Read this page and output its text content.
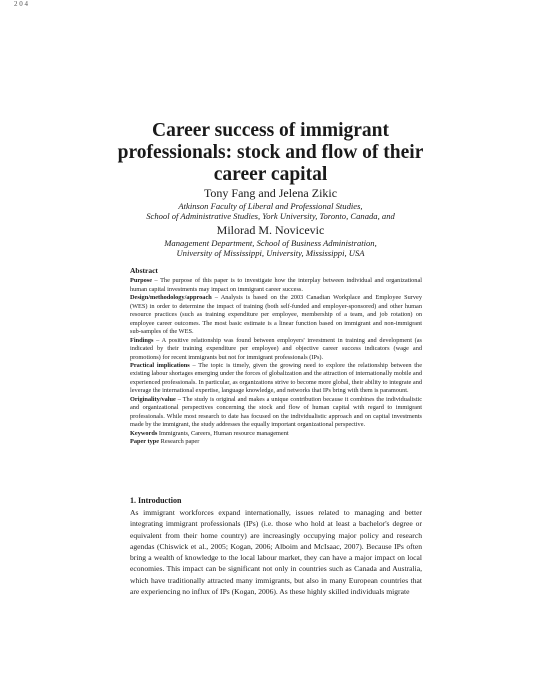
2 0 4
Career success of immigrant professionals: stock and flow of their career capital
Tony Fang and Jelena Zikic
Atkinson Faculty of Liberal and Professional Studies,
School of Administrative Studies, York University, Toronto, Canada, and
Milorad M. Novicevic
Management Department, School of Business Administration,
University of Mississippi, University, Mississippi, USA
Abstract

Purpose – The purpose of this paper is to investigate how the interplay between individual and organizational human capital investments may impact on immigrant career success.

Design/methodology/approach – Analysis is based on the 2003 Canadian Workplace and Employee Survey (WES) in order to determine the impact of training (both self-funded and employer-sponsored) and other human resource practices (such as training expenditure per employee, membership of a team, and job rotation) on employee career outcomes. The most basic estimate is a linear function based on immigrant and non-immigrant sub-samples of the WES.

Findings – A positive relationship was found between employers' investment in training and development (as indicated by their training expenditure per employee) and objective career success indicators (wage and promotions) for recent immigrants but not for immigrant professionals (IPs).

Practical implications – The topic is timely, given the growing need to explore the relationship between the existing labour shortages emerging under the forces of globalization and the attraction of internationally mobile and experienced professionals. In particular, as organizations strive to become more global, their ability to integrate and leverage the international expertise, language knowledge, and networks that IPs bring with them is paramount.

Originality/value – The study is original and makes a unique contribution because it combines the individualistic and organizational perspectives concerning the stock and flow of human capital with regard to immigrant professionals. While most research to date has focused on the individualistic approach and on capital investments made by the immigrant, the study addresses the equally important organizational perspective.

Keywords Immigrants, Careers, Human resource management

Paper type Research paper

1. Introduction

As immigrant workforces expand internationally, issues related to managing and better integrating immigrant professionals (IPs) (i.e. those who hold at least a bachelor's degree or equivalent from their home country) are increasingly occupying major policy and research agendas (Chiswick et al., 2005; Kogan, 2006; Alboim and McIsaac, 2007). Because IPs often bring a wealth of knowledge to the local labour market, they can have a major impact on local economies. This impact can be significant not only in countries such as Canada and Australia, which have traditionally attracted many immigrants, but also in many European countries that are experiencing no influx of IPs (Kogan, 2006). As these highly skilled individuals migrate
